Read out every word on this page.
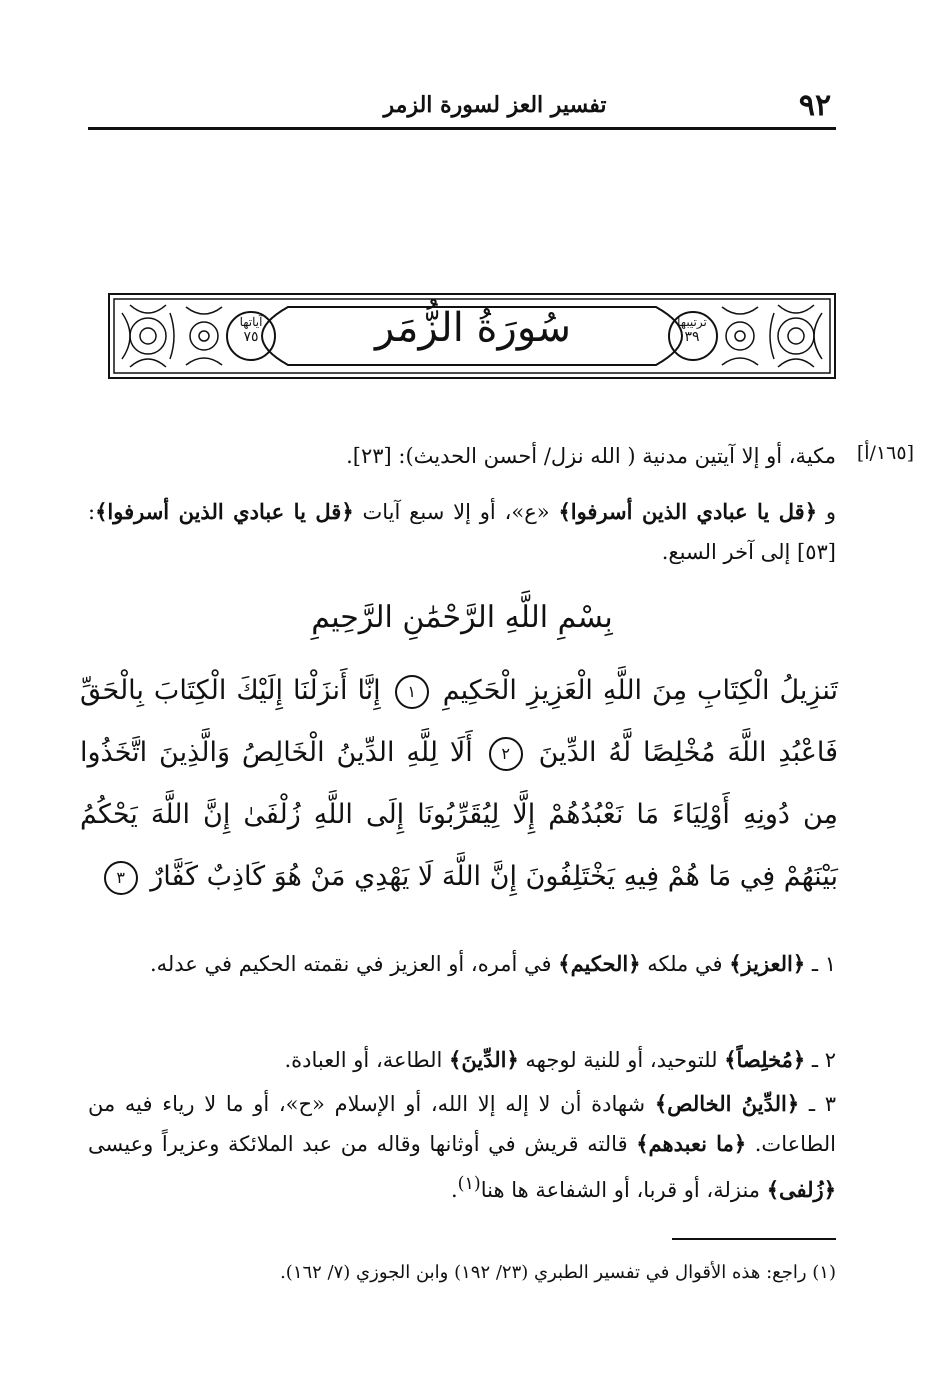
تفسير العز لسورة الزمر	٩٢
سُورَةُ الزُّمَر	ترتيبها
٣٩
آياتها
٧٥
[١٦٥/أ]
مكية، أو إلا آيتين مدنية ( الله نزل/ أحسن الحديث): [٢٣].
و ﴿قل يا عبادي الذين أسرفوا﴾ «ع»، أو إلا سبع آيات ﴿قل يا عبادي الذين أسرفوا﴾: [٥٣] إلى آخر السبع.
بِسْمِ اللَّهِ الرَّحْمَٰنِ الرَّحِيمِ
تَنزِيلُ الْكِتَابِ مِنَ اللَّهِ الْعَزِيزِ الْحَكِيمِ ١ إِنَّا أَنزَلْنَا إِلَيْكَ الْكِتَابَ بِالْحَقِّ فَاعْبُدِ اللَّهَ مُخْلِصًا لَّهُ الدِّينَ ٢ أَلَا لِلَّهِ الدِّينُ الْخَالِصُ وَالَّذِينَ اتَّخَذُوا مِن دُونِهِ أَوْلِيَاءَ مَا نَعْبُدُهُمْ إِلَّا لِيُقَرِّبُونَا إِلَى اللَّهِ زُلْفَىٰ إِنَّ اللَّهَ يَحْكُمُ بَيْنَهُمْ فِي مَا هُمْ فِيهِ يَخْتَلِفُونَ إِنَّ اللَّهَ لَا يَهْدِي مَنْ هُوَ كَاذِبٌ كَفَّارٌ ٣
١ ـ ﴿العزيز﴾ في ملكه ﴿الحكيم﴾ في أمره، أو العزيز في نقمته الحكيم في عدله.
٢ ـ ﴿مُخلِصاً﴾ للتوحيد، أو للنية لوجهه ﴿الدِّينَ﴾ الطاعة، أو العبادة.
٣ ـ ﴿الدِّينُ الخالص﴾ شهادة أن لا إله إلا الله، أو الإسلام «ح»، أو ما لا رياء فيه من الطاعات. ﴿ما نعبدهم﴾ قالته قريش في أوثانها وقاله من عبد الملائكة وعزيراً وعيسى ﴿زُلفى﴾ منزلة، أو قربا، أو الشفاعة ها هنا$^{(١)}$.
(١) راجع: هذه الأقوال في تفسير الطبري (٢٣/ ١٩٢) وابن الجوزي (٧/ ١٦٢).
